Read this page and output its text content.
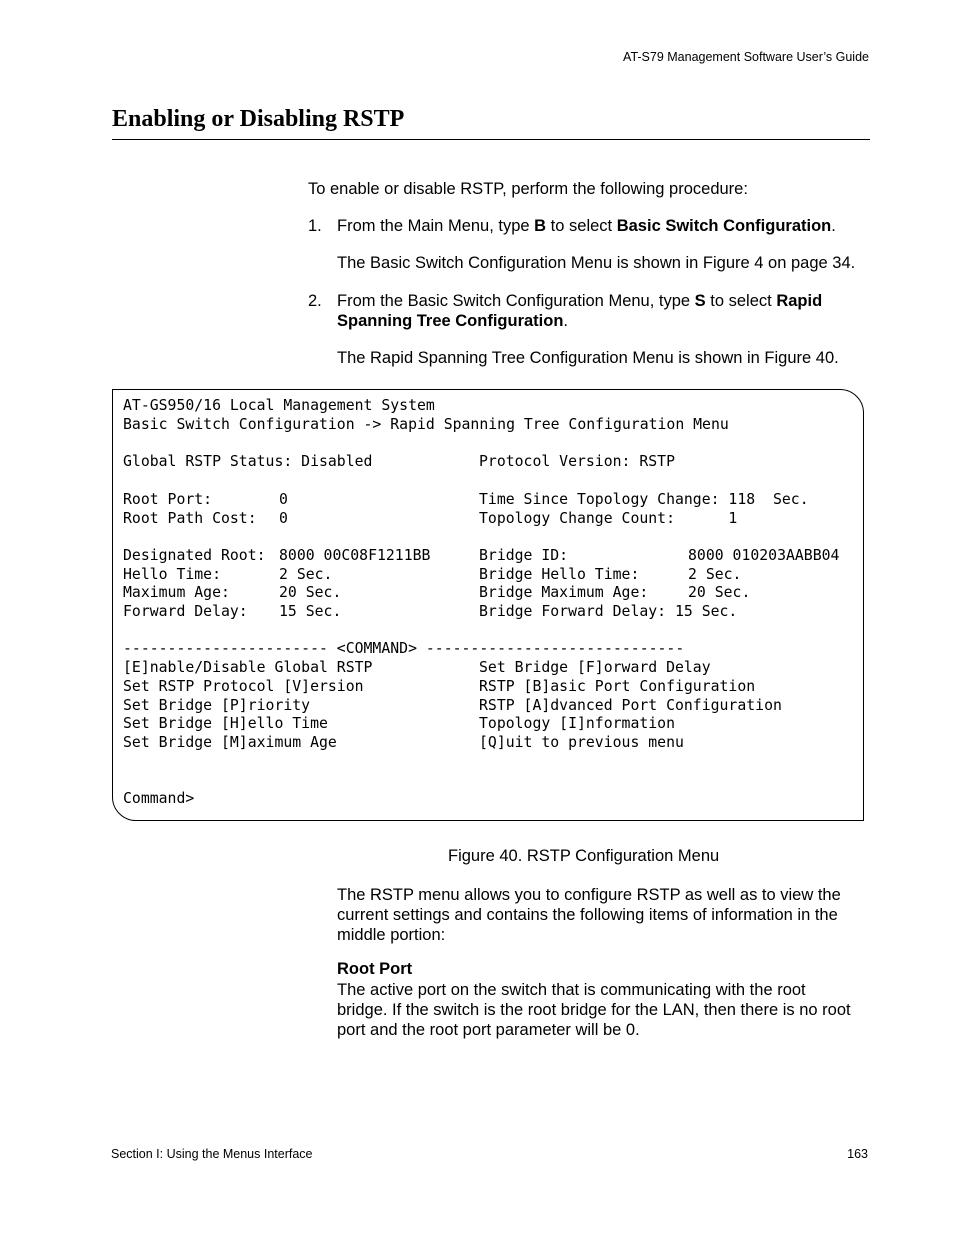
AT-S79 Management Software User’s Guide
Enabling or Disabling RSTP

To enable or disable RSTP, perform the following procedure:

1. From the Main Menu, type B to select Basic Switch Configuration.

The Basic Switch Configuration Menu is shown in Figure 4 on page 34.

2. From the Basic Switch Configuration Menu, type S to select Rapid

Spanning Tree Configuration.

The Rapid Spanning Tree Configuration Menu is shown in Figure 40.

AT-GS950/16 Local Management System
Basic Switch Configuration -> Rapid Spanning Tree Configuration Menu
Global RSTP Status: Disabled	Protocol Version: RSTP
Root Port:	0	Time Since Topology Change: 118  Sec.
Root Path Cost: 0	Topology Change Count:      1
Designated Root: 8000 00C08F1211BB	Bridge ID:	8000 010203AABB04
Hello Time:	2 Sec.	Bridge Hello Time:	2 Sec.
Maximum Age:	20 Sec.	Bridge Maximum Age:	20 Sec.
Forward Delay: 15 Sec.	Bridge Forward Delay: 15 Sec.
----------------------- <COMMAND> -----------------------------
[E]nable/Disable Global RSTP
Set RSTP Protocol [V]ersion
Set Bridge [P]riority
Set Bridge [H]ello Time
Set Bridge [M]aximum Age
Set Bridge [F]orward Delay
RSTP [B]asic Port Configuration
RSTP [A]dvanced Port Configuration
Topology [I]nformation
[Q]uit to previous menu
Command>
Figure 40. RSTP Configuration Menu

The RSTP menu allows you to configure RSTP as well as to view the

current settings and contains the following items of information in the

middle portion:

Root Port

The active port on the switch that is communicating with the root

bridge. If the switch is the root bridge for the LAN, then there is no root

port and the root port parameter will be 0.

Section I: Using the Menus Interface	163
